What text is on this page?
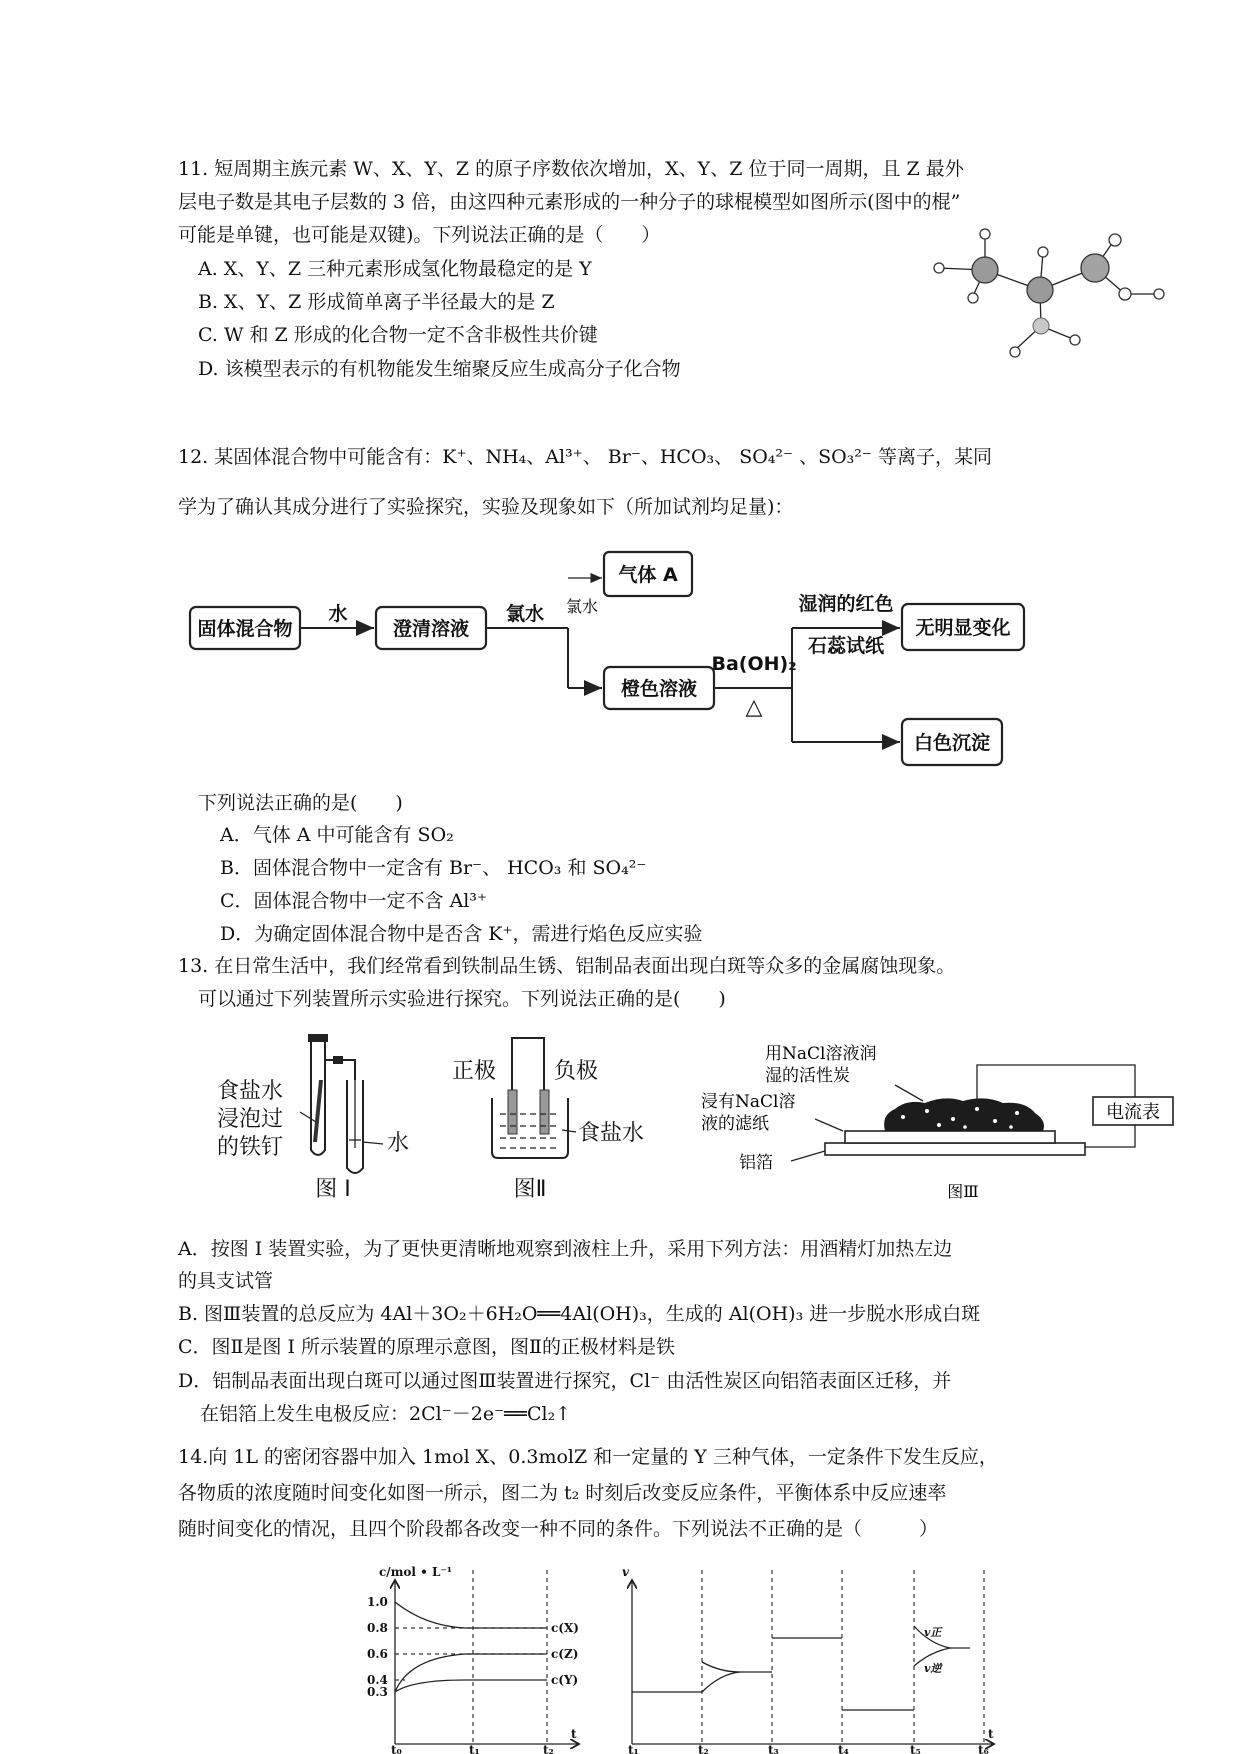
11. 短周期主族元素 W、X、Y、Z 的原子序数依次增加，X、Y、Z 位于同一周期，且 Z 最外
层电子数是其电子层数的 3 倍，由这四种元素形成的一种分子的球棍模型如图所示(图中的棍”
可能是单键，也可能是双键)。下列说法正确的是（　　）
A. X、Y、Z 三种元素形成氢化物最稳定的是 Y
B. X、Y、Z 形成简单离子半径最大的是 Z
C. W 和 Z 形成的化合物一定不含非极性共价键
D. 该模型表示的有机物能发生缩聚反应生成高分子化合物
12. 某固体混合物中可能含有：K⁺、NH₄、Al³⁺、 Br⁻、HCO₃、 SO₄²⁻ 、SO₃²⁻ 等离子，某同
学为了确认其成分进行了实验探究，实验及现象如下（所加试剂均足量)：
固体混合物
水
澄清溶液
氯水 氯水
气体 A
橙色溶液
Ba(OH)₂
△
湿润的红色
石蕊试纸
无明显变化
白色沉淀
下列说法正确的是(　　)
A．气体 A 中可能含有 SO₂
B．固体混合物中一定含有 Br⁻、 HCO₃ 和 SO₄²⁻
C．固体混合物中一定不含 Al³⁺
D．为确定固体混合物中是否含 K⁺，需进行焰色反应实验
13. 在日常生活中，我们经常看到铁制品生锈、铝制品表面出现白斑等众多的金属腐蚀现象。
可以通过下列装置所示实验进行探究。下列说法正确的是(　　)
食盐水
浸泡过
的铁钉	水
图 I
正极	负极
食盐水
图Ⅱ
用NaCl溶液润
湿的活性炭
浸有NaCl溶
液的滤纸
铝箔
电流表
图Ⅲ
A．按图 I 装置实验，为了更快更清晰地观察到液柱上升，采用下列方法：用酒精灯加热左边
的具支试管
B. 图Ⅲ装置的总反应为 4Al＋3O₂＋6H₂O══4Al(OH)₃，生成的 Al(OH)₃ 进一步脱水形成白斑
C．图Ⅱ是图 I 所示装置的原理示意图，图Ⅱ的正极材料是铁
D．铝制品表面出现白斑可以通过图Ⅲ装置进行探究，Cl⁻ 由活性炭区向铝箔表面区迁移，并
在铝箔上发生电极反应：2Cl⁻－2e⁻══Cl₂↑
14.向 1L 的密闭容器中加入 1mol X、0.3molZ 和一定量的 Y 三种气体，一定条件下发生反应，
各物质的浓度随时间变化如图一所示，图二为 t₂ 时刻后改变反应条件，平衡体系中反应速率
随时间变化的情况，且四个阶段都各改变一种不同的条件。下列说法不正确的是（　　　）
c/mol • L⁻¹
1.0
0.8
0.6
0.4
0.3
c(X)
c(Z)
c(Y)
t₀	t₁	t₂
t
v
v正
v逆
t₁	t₂	t₃	t₄	t₅	t₆
t
